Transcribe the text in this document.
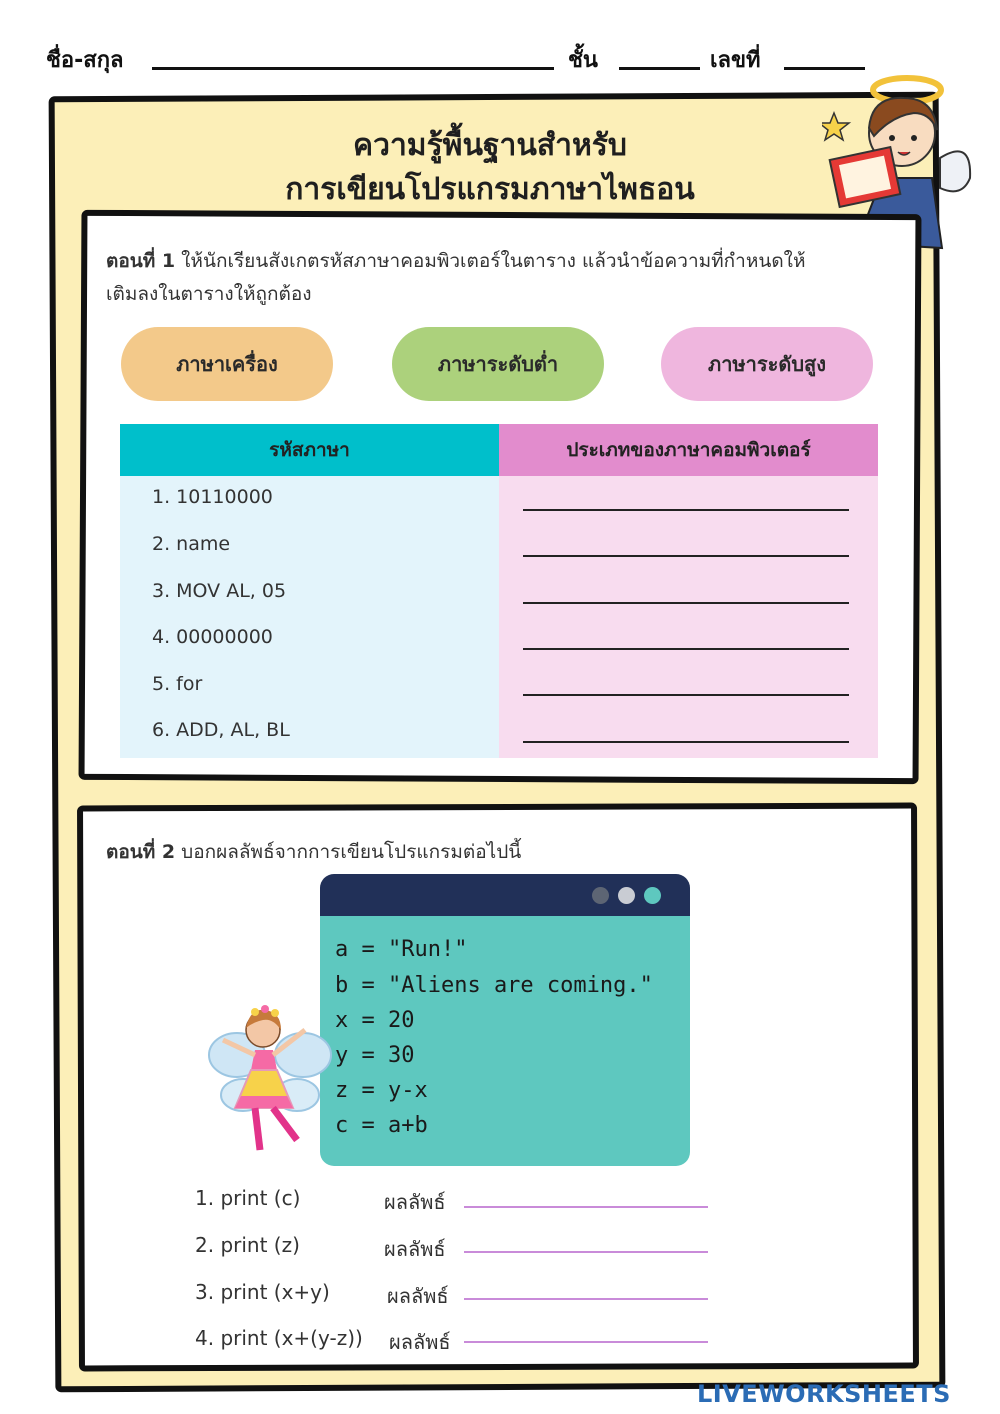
ชื่อ-สกุล	ชั้น	เลขที่
ความรู้พื้นฐานสำหรับ
การเขียนโปรแกรมภาษาไพธอน
ตอนที่ 1 ให้นักเรียนสังเกตรหัสภาษาคอมพิวเตอร์ในตาราง แล้วนำข้อความที่กำหนดให้
เติมลงในตารางให้ถูกต้อง
ภาษาเครื่อง	ภาษาระดับต่ำ	ภาษาระดับสูง
รหัสภาษา	ประเภทของภาษาคอมพิวเตอร์
1. 10110000
2. name
3. MOV AL, 05
4. 00000000
5. for
6. ADD, AL, BL
ตอนที่ 2 บอกผลลัพธ์จากการเขียนโปรแกรมต่อไปนี้
a = "Run!"
b = "Aliens are coming."
x = 20
y = 30
z = y-x
c = a+b
1. print (c)	ผลลัพธ์
2. print (z)	ผลลัพธ์
3. print (x+y)	ผลลัพธ์
4. print (x+(y-z)) ผลลัพธ์
LIVEWORKSHEETS
